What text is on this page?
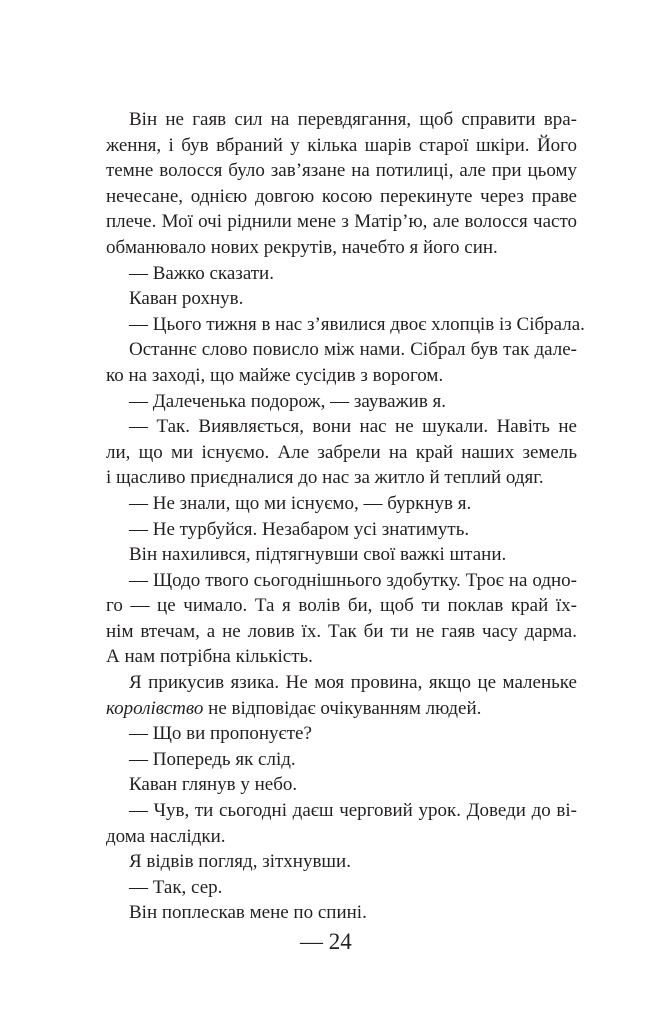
Він не гаяв сил на перевдягання, щоб справити вра-
ження, і був вбраний у кілька шарів старої шкіри. Його
темне волосся було зав’язане на потилиці, але при цьому
нечесане, однією довгою косою перекинуте через праве
плече. Мої очі ріднили мене з Матір’ю, але волосся часто
обманювало нових рекрутів, начебто я його син.
— Важко сказати.
Каван рохнув.
— Цього тижня в нас з’явилися двоє хлопців із Сібрала.
Останнє слово повисло між нами. Сібрал був так дале-
ко на заході, що майже сусідив з ворогом.
— Далеченька подорож, — зауважив я.
— Так. Виявляється, вони нас не шукали. Навіть не
ли, що ми існуємо. Але забрели на край наших земель
і щасливо приєдналися до нас за житло й теплий одяг.
— Не знали, що ми існуємо, — буркнув я.
— Не турбуйся. Незабаром усі знатимуть.
Він нахилився, підтягнувши свої важкі штани.
— Щодо твого сьогоднішнього здобутку. Троє на одно-
го — це чимало. Та я волів би, щоб ти поклав край їх-
нім втечам, а не ловив їх. Так би ти не гаяв часу дарма.
А нам потрібна кількість.
Я прикусив язика. Не моя провина, якщо це маленьке
королівство не відповідає очікуванням людей.
— Що ви пропонуєте?
— Попередь як слід.
Каван глянув у небо.
— Чув, ти сьогодні даєш черговий урок. Доведи до ві-
дома наслідки.
Я відвів погляд, зітхнувши.
— Так, сер.
Він поплескав мене по спині.
— 24
